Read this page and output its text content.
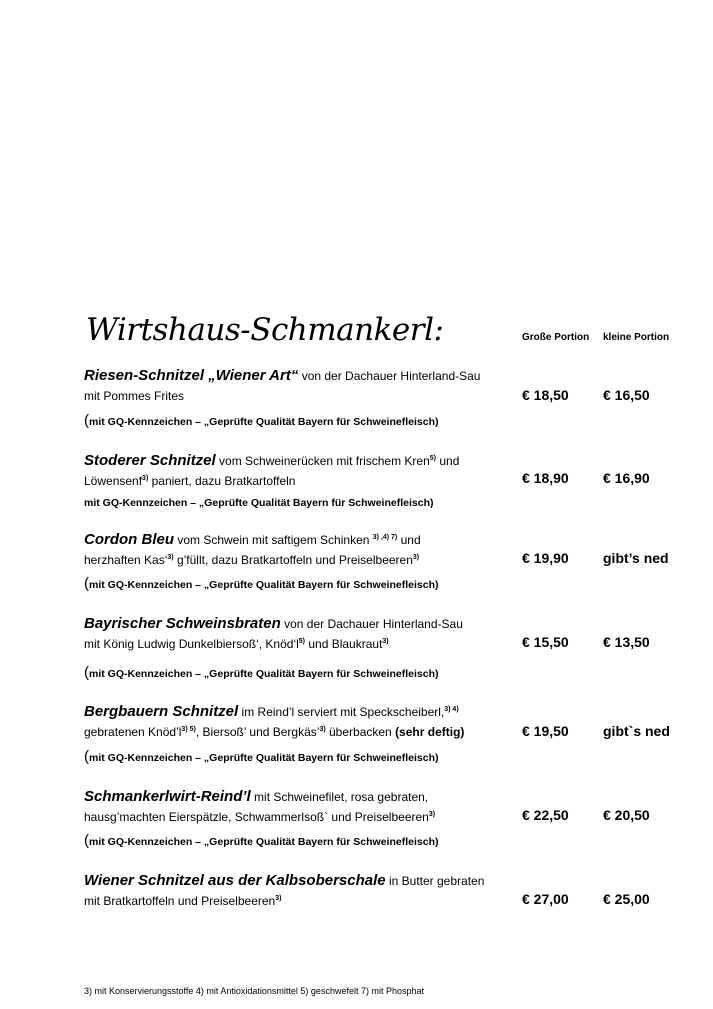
Wirtshaus-Schmankerl:	Große Portion kleine Portion
Riesen-Schnitzel „Wiener Art“ von der Dachauer Hinterland-Sau
mit Pommes Frites	€ 18,50 € 16,50
(mit GQ-Kennzeichen – „Geprüfte Qualität Bayern für Schweinefleisch)
Stoderer Schnitzel vom Schweinerücken mit frischem Kren$^{5)}$ und
Löwensenf$^{3)}$ paniert, dazu Bratkartoffeln	€ 18,90 € 16,90
mit GQ-Kennzeichen – „Geprüfte Qualität Bayern für Schweinefleisch)
Cordon Bleu vom Schwein mit saftigem Schinken $^{3) ,4) 7)}$ und
herzhaften Kas‘$^{3)}$ g’füllt, dazu Bratkartoffeln und Preiselbeeren$^{3)}$	€ 19,90 gibt’s ned
(mit GQ-Kennzeichen – „Geprüfte Qualität Bayern für Schweinefleisch)
Bayrischer Schweinsbraten von der Dachauer Hinterland-Sau
mit König Ludwig Dunkelbiersoß‘, $Knöd‘l^{5)}$ und Blaukraut$^{3)}$	€ 15,50 € 13,50
(mit GQ-Kennzeichen – „Geprüfte Qualität Bayern für Schweinefleisch)
Bergbauern Schnitzel im Reind’l serviert mit Speckscheiberl,$^{3) 4)}$
gebratenen $Knöd’l^{3) 5)}$, Biersoß’ und Bergkäs’$^{3)}$ überbacken (sehr deftig)	€ 19,50 gibt`s ned
(mit GQ-Kennzeichen – „Geprüfte Qualität Bayern für Schweinefleisch)
Schmankerlwirt-Reind’l mit Schweinefilet, rosa gebraten,
hausg’machten Eierspätzle, Schwammerlsoß` und Preiselbeeren$^{3)}$	€ 22,50 € 20,50
(mit GQ-Kennzeichen – „Geprüfte Qualität Bayern für Schweinefleisch)
Wiener Schnitzel aus der Kalbsoberschale in Butter gebraten
mit Bratkartoffeln und Preiselbeeren$^{3)}$	€ 27,00 € 25,00
3) mit Konservierungsstoffe 4) mit Antioxidationsmittel 5) geschwefelt 7) mit Phosphat
